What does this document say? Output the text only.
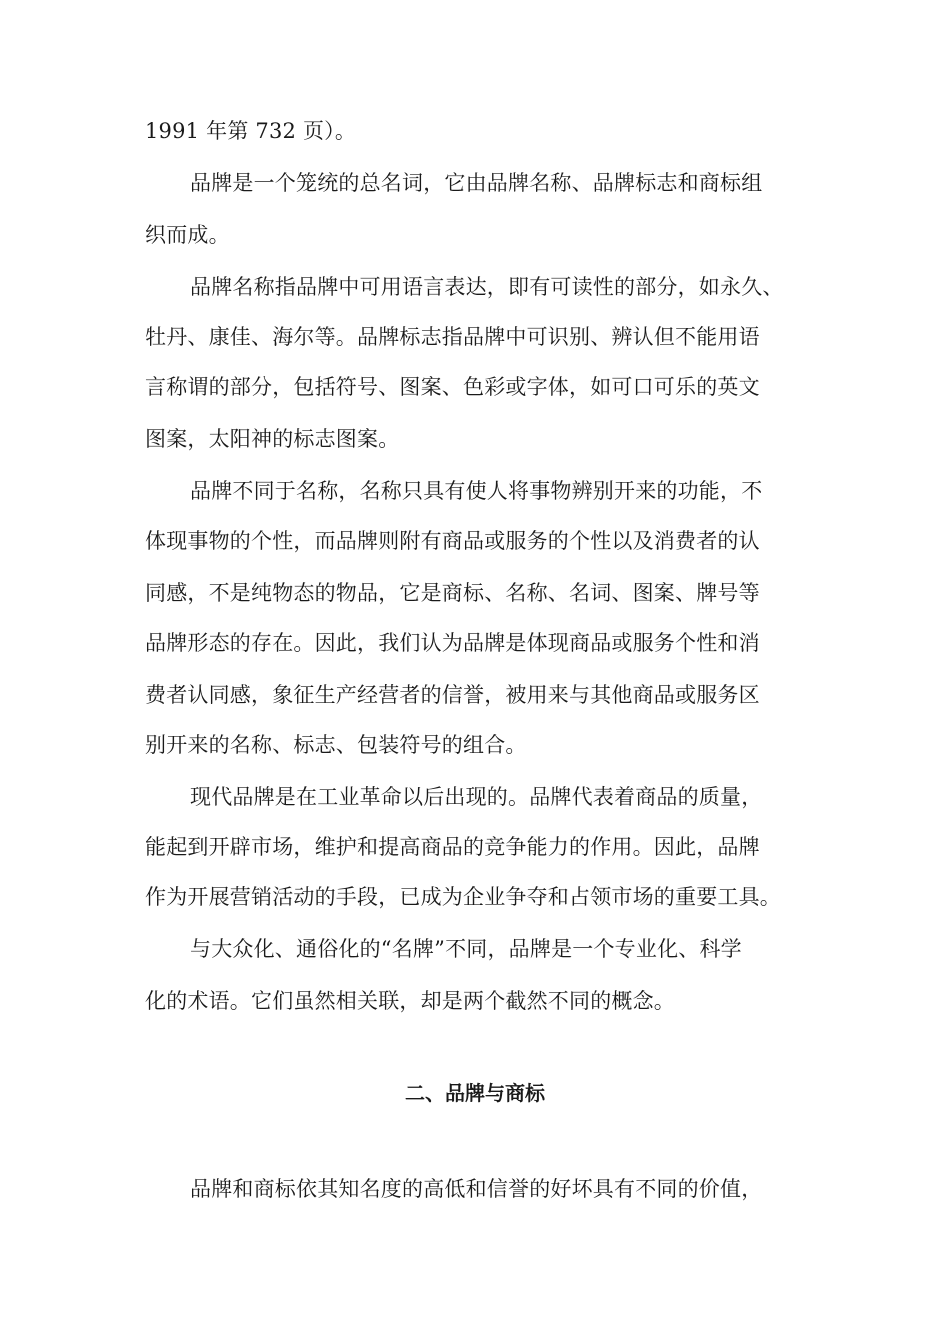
1991 年第 732 页）。
品牌是一个笼统的总名词，它由品牌名称、品牌标志和商标组
织而成。
品牌名称指品牌中可用语言表达，即有可读性的部分，如永久、
牡丹、康佳、海尔等。品牌标志指品牌中可识别、辨认但不能用语
言称谓的部分，包括符号、图案、色彩或字体，如可口可乐的英文
图案，太阳神的标志图案。
品牌不同于名称，名称只具有使人将事物辨别开来的功能，不
体现事物的个性，而品牌则附有商品或服务的个性以及消费者的认
同感，不是纯物态的物品，它是商标、名称、名词、图案、牌号等
品牌形态的存在。因此，我们认为品牌是体现商品或服务个性和消
费者认同感，象征生产经营者的信誉，被用来与其他商品或服务区
别开来的名称、标志、包装符号的组合。
现代品牌是在工业革命以后出现的。品牌代表着商品的质量，
能起到开辟市场，维护和提高商品的竞争能力的作用。因此，品牌
作为开展营销活动的手段，已成为企业争夺和占领市场的重要工具。
与大众化、通俗化的“名牌”不同，品牌是一个专业化、科学
化的术语。它们虽然相关联，却是两个截然不同的概念。
二、品牌与商标
品牌和商标依其知名度的高低和信誉的好坏具有不同的价值，
